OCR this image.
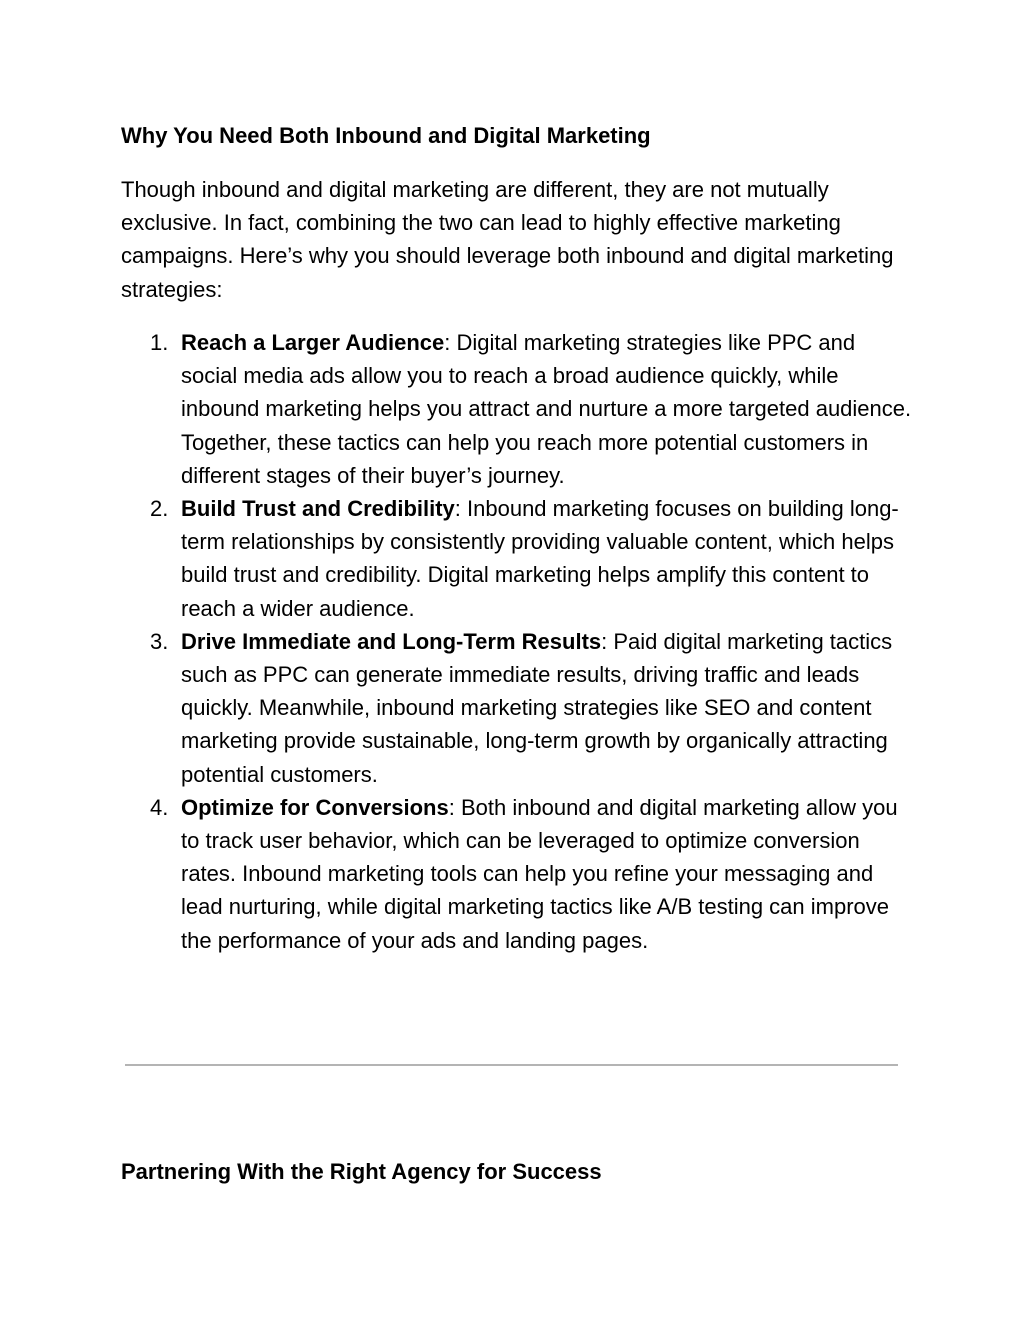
Why You Need Both Inbound and Digital Marketing

Though inbound and digital marketing are different, they are not mutually exclusive. In fact, combining the two can lead to highly effective marketing campaigns. Here’s why you should leverage both inbound and digital marketing strategies:

1. Reach a Larger Audience: Digital marketing strategies like PPC and social media ads allow you to reach a broad audience quickly, while inbound marketing helps you attract and nurture a more targeted audience. Together, these tactics can help you reach more potential customers in different stages of their buyer’s journey.
2. Build Trust and Credibility: Inbound marketing focuses on building long-term relationships by consistently providing valuable content, which helps build trust and credibility. Digital marketing helps amplify this content to reach a wider audience.
3. Drive Immediate and Long-Term Results: Paid digital marketing tactics such as PPC can generate immediate results, driving traffic and leads quickly. Meanwhile, inbound marketing strategies like SEO and content marketing provide sustainable, long-term growth by organically attracting potential customers.
4. Optimize for Conversions: Both inbound and digital marketing allow you to track user behavior, which can be leveraged to optimize conversion rates. Inbound marketing tools can help you refine your messaging and lead nurturing, while digital marketing tactics like A/B testing can improve the performance of your ads and landing pages.
Partnering With the Right Agency for Success
